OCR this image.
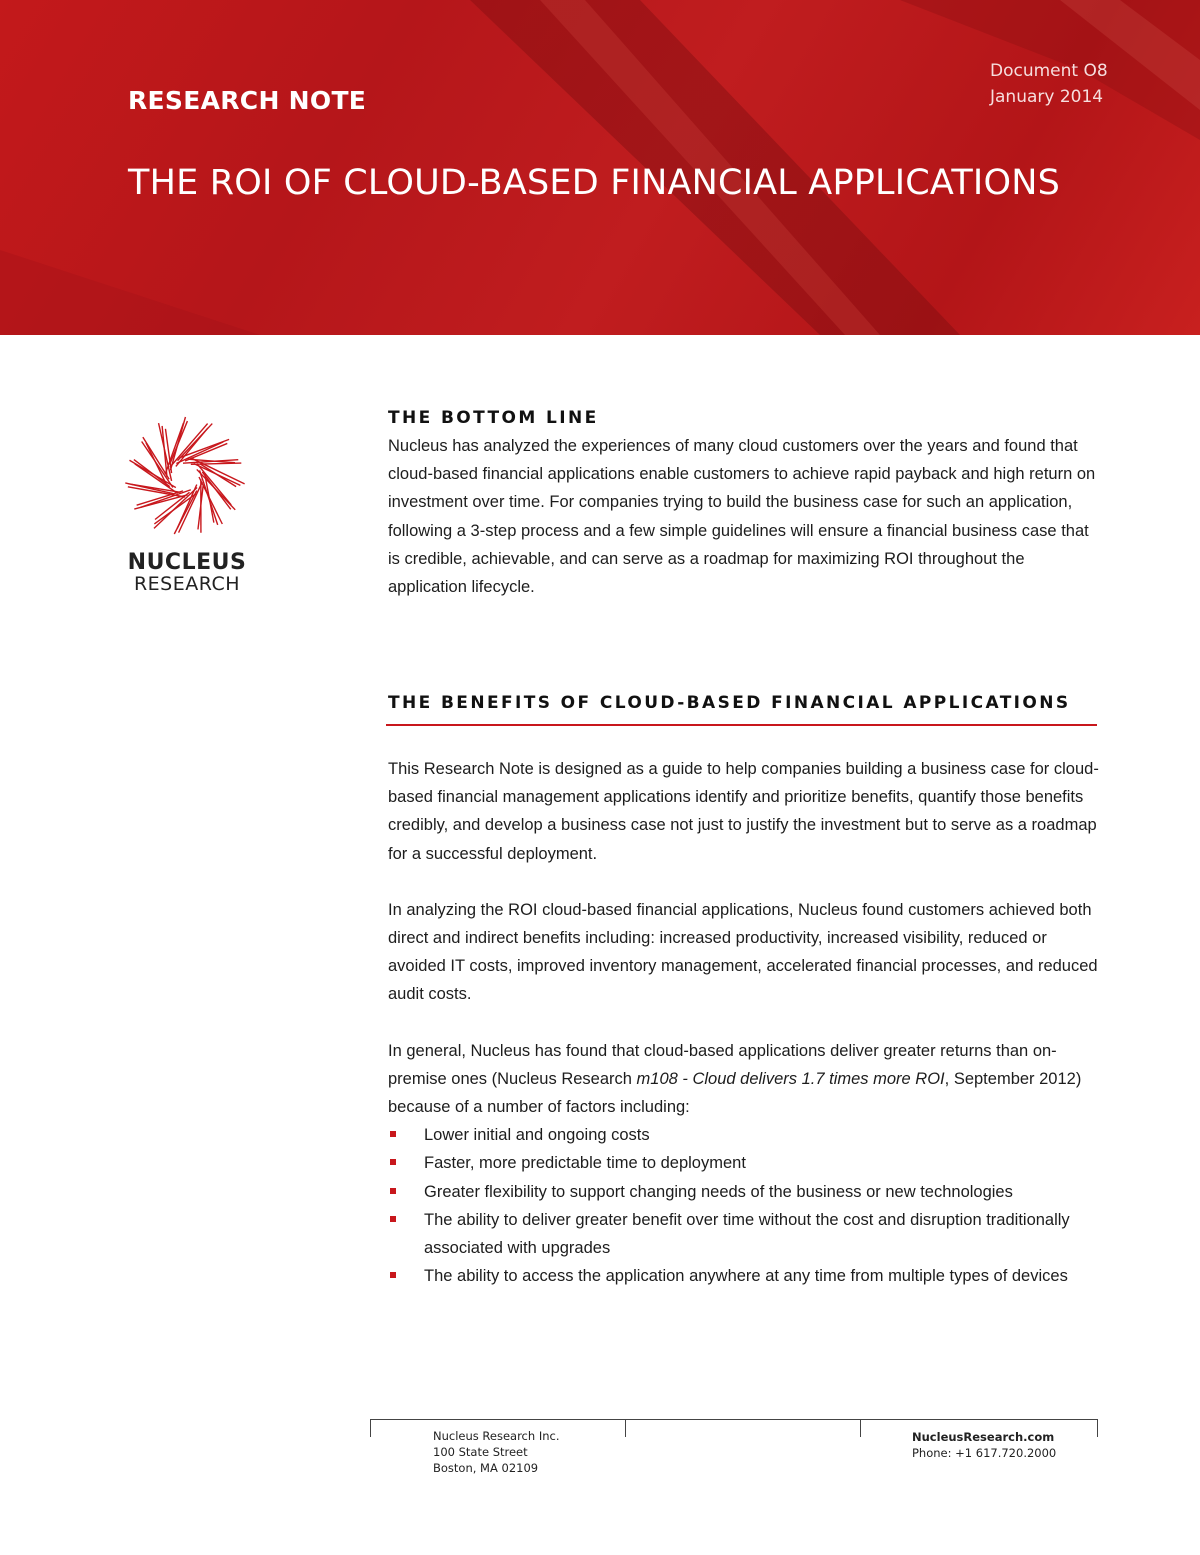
RESEARCH NOTE
Document O8
January 2014
THE ROI OF CLOUD-BASED FINANCIAL APPLICATIONS
NUCLEUS
RESEARCH
THE BOTTOM LINE

Nucleus has analyzed the experiences of many cloud customers over the years and found that cloud-based financial applications enable customers to achieve rapid payback and high return on investment over time. For companies trying to build the business case for such an application, following a 3-step process and a few simple guidelines will ensure a financial business case that is credible, achievable, and can serve as a roadmap for maximizing ROI throughout the application lifecycle.

THE BENEFITS OF CLOUD-BASED FINANCIAL APPLICATIONS

This Research Note is designed as a guide to help companies building a business case for cloud-based financial management applications identify and prioritize benefits, quantify those benefits credibly, and develop a business case not just to justify the investment but to serve as a roadmap for a successful deployment.

In analyzing the ROI cloud-based financial applications, Nucleus found customers achieved both direct and indirect benefits including: increased productivity, increased visibility, reduced or avoided IT costs, improved inventory management, accelerated financial processes, and reduced audit costs.

In general, Nucleus has found that cloud-based applications deliver greater returns than on-premise ones (Nucleus Research m108 - Cloud delivers 1.7 times more ROI, September 2012) because of a number of factors including:

Lower initial and ongoing costs
Faster, more predictable time to deployment
Greater flexibility to support changing needs of the business or new technologies
The ability to deliver greater benefit over time without the cost and disruption traditionally associated with upgrades
The ability to access the application anywhere at any time from multiple types of devices
Nucleus Research Inc.
100 State Street
Boston, MA 02109
NucleusResearch.com
Phone: +1 617.720.2000
